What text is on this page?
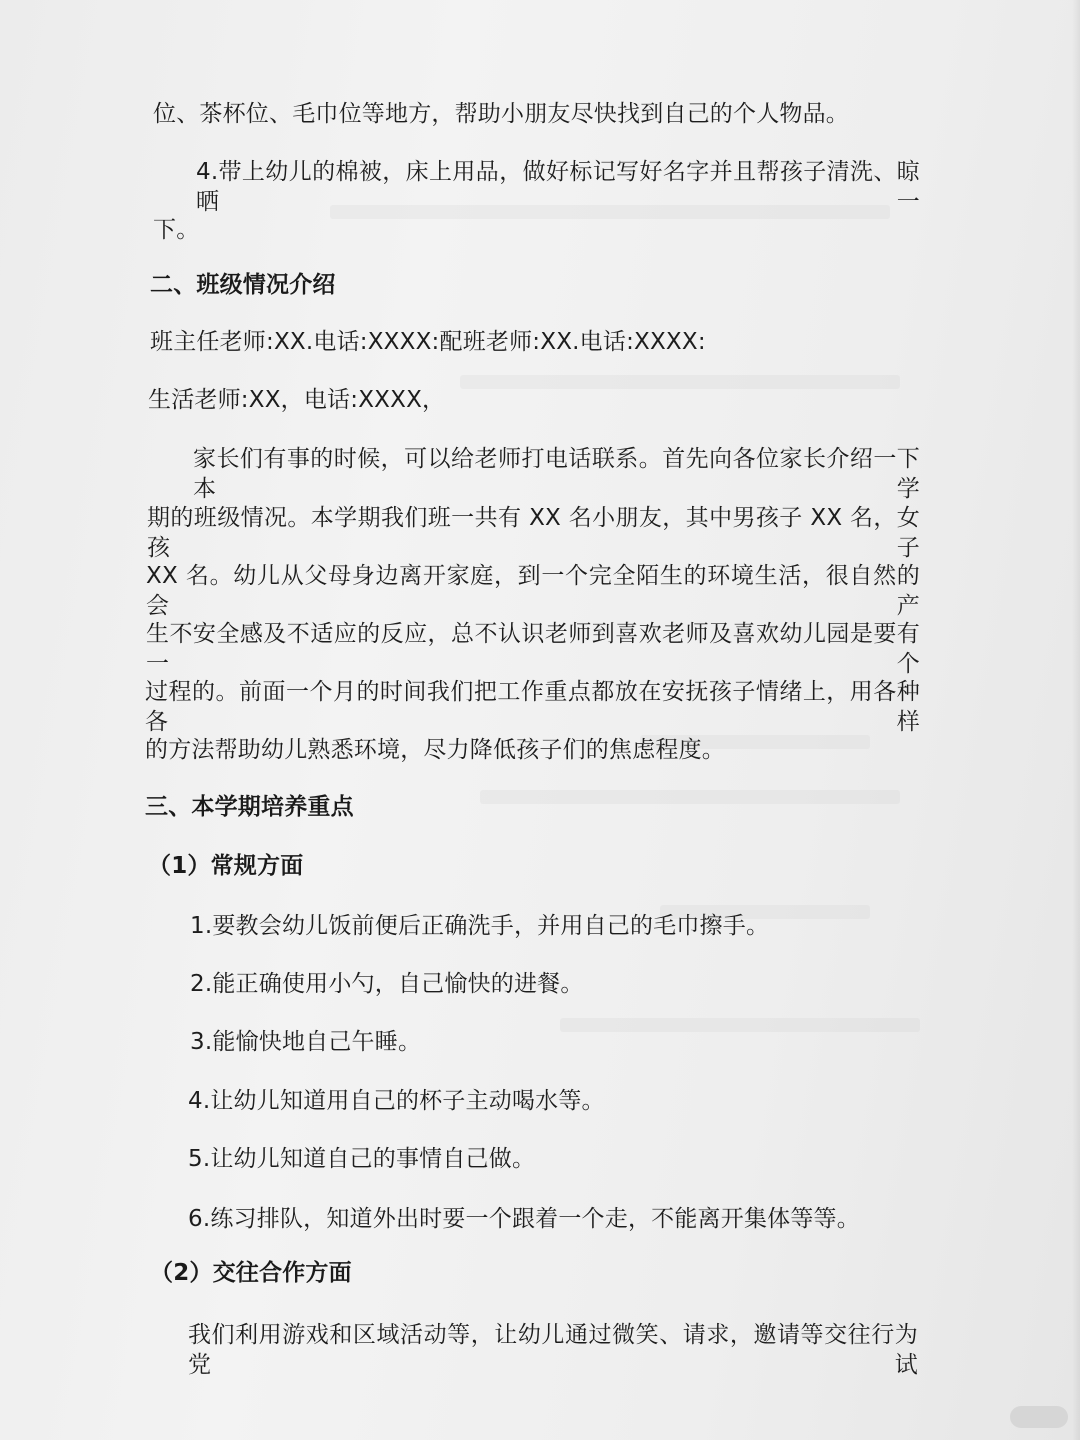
位、茶杯位、毛巾位等地方，帮助小朋友尽快找到自己的个人物品。

4.带上幼儿的棉被，床上用品，做好标记写好名字并且帮孩子清洗、晾晒一

下。

二、班级情况介绍

班主任老师:XX.电话:XXXX:配班老师:XX.电话:XXXX:

生活老师:XX，电话:XXXX，

家长们有事的时候，可以给老师打电话联系。首先向各位家长介绍一下本学

期的班级情况。本学期我们班一共有 XX 名小朋友，其中男孩子 XX 名，女孩子

XX 名。幼儿从父母身边离开家庭，到一个完全陌生的环境生活，很自然的会产

生不安全感及不适应的反应，总不认识老师到喜欢老师及喜欢幼儿园是要有一个

过程的。前面一个月的时间我们把工作重点都放在安抚孩子情绪上，用各种各样

的方法帮助幼儿熟悉环境，尽力降低孩子们的焦虑程度。

三、本学期培养重点

（1）常规方面

1.要教会幼儿饭前便后正确洗手，并用自己的毛巾擦手。

2.能正确使用小勺，自己愉快的进餐。

3.能愉快地自己午睡。

4.让幼儿知道用自己的杯子主动喝水等。

5.让幼儿知道自己的事情自己做。

6.练习排队，知道外出时要一个跟着一个走，不能离开集体等等。

（2）交往合作方面

我们利用游戏和区域活动等，让幼儿通过微笑、请求，邀请等交往行为党试
